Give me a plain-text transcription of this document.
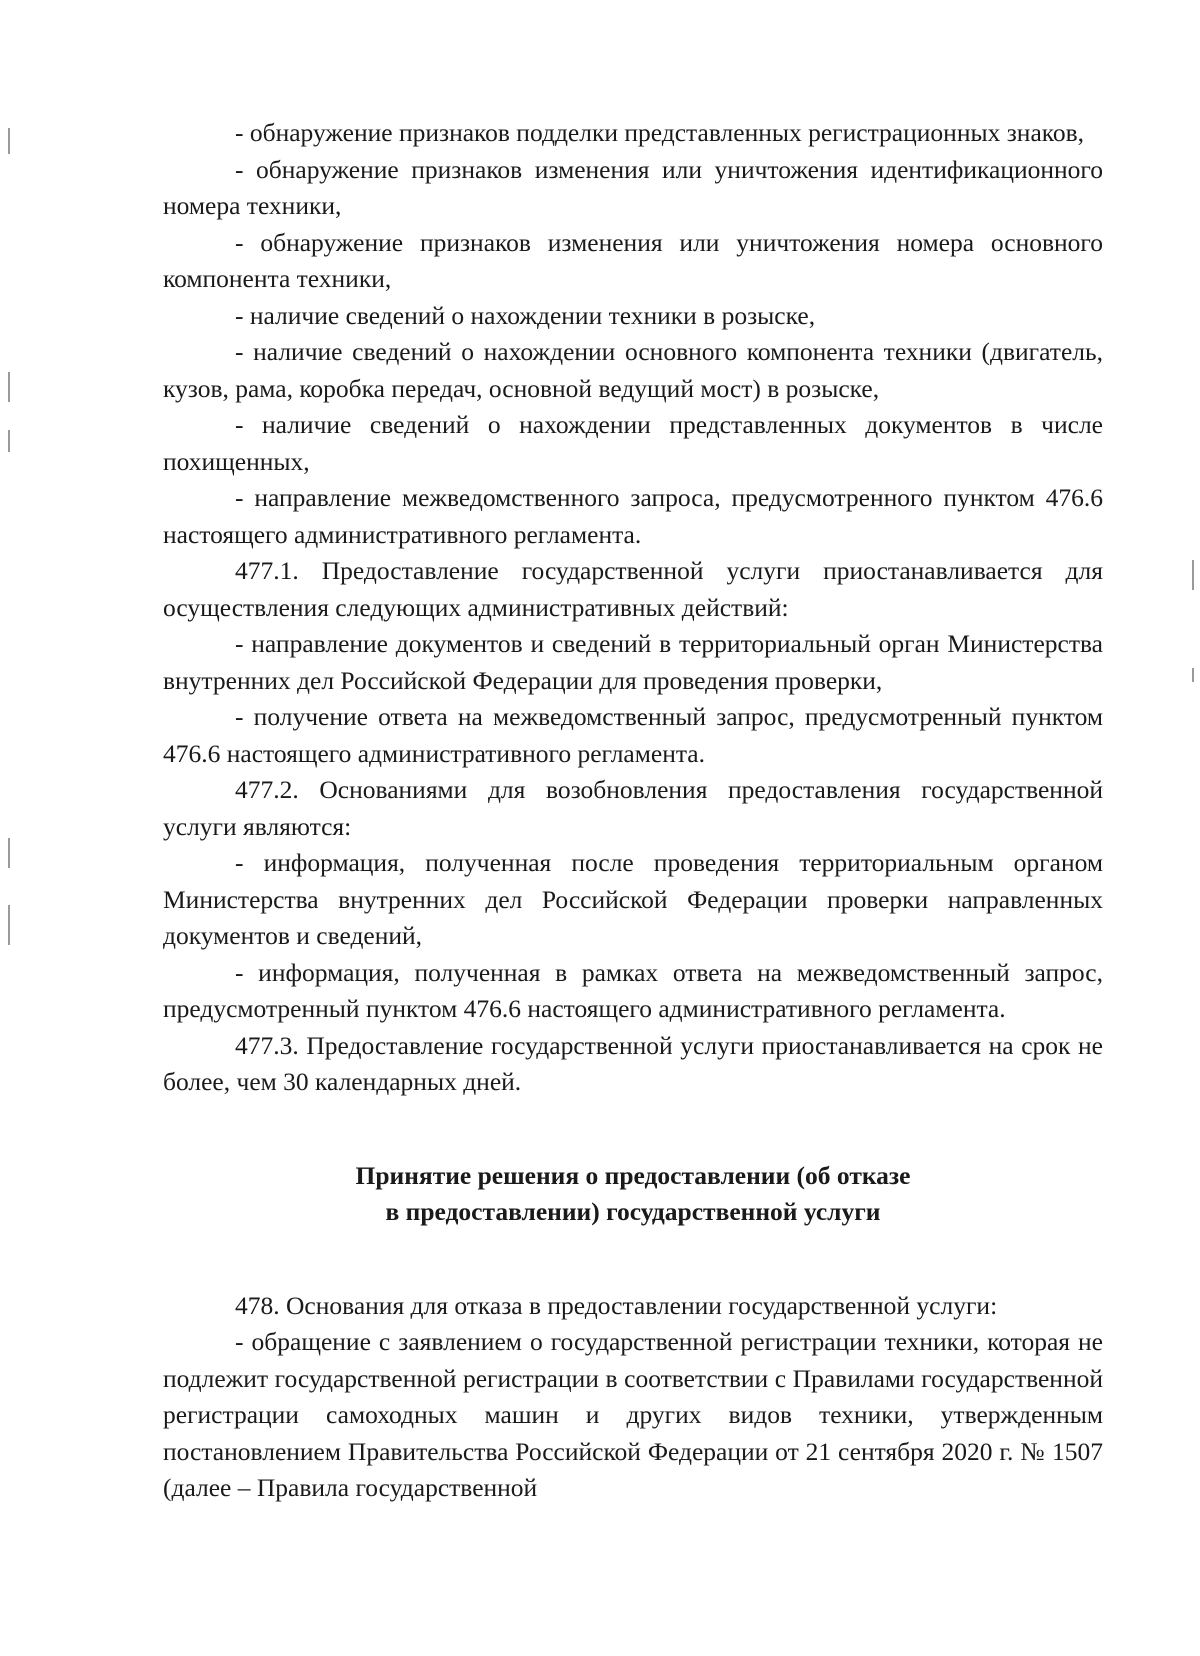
- обнаружение признаков подделки представленных регистрационных знаков,

- обнаружение признаков изменения или уничтожения идентификационного номера техники,

- обнаружение признаков изменения или уничтожения номера основного компонента техники,

- наличие сведений о нахождении техники в розыске,

- наличие сведений о нахождении основного компонента техники (двигатель, кузов, рама, коробка передач, основной ведущий мост) в розыске,

- наличие сведений о нахождении представленных документов в числе похищенных,

- направление межведомственного запроса, предусмотренного пунктом 476.6 настоящего административного регламента.

477.1. Предоставление государственной услуги приостанавливается для осуществления следующих административных действий:

- направление документов и сведений в территориальный орган Министерства внутренних дел Российской Федерации для проведения проверки,

- получение ответа на межведомственный запрос, предусмотренный пунктом 476.6 настоящего административного регламента.

477.2. Основаниями для возобновления предоставления государственной услуги являются:

- информация, полученная после проведения территориальным органом Министерства внутренних дел Российской Федерации проверки направленных документов и сведений,

- информация, полученная в рамках ответа на межведомственный запрос, предусмотренный пунктом 476.6 настоящего административного регламента.

477.3. Предоставление государственной услуги приостанавливается на срок не более, чем 30 календарных дней.

Принятие решения о предоставлении (об отказе
в предоставлении) государственной услуги

478. Основания для отказа в предоставлении государственной услуги:

- обращение с заявлением о государственной регистрации техники, которая не подлежит государственной регистрации в соответствии с Правилами государственной регистрации самоходных машин и других видов техники, утвержденным постановлением Правительства Российской Федерации от 21 сентября 2020 г. № 1507 (далее – Правила государственной
